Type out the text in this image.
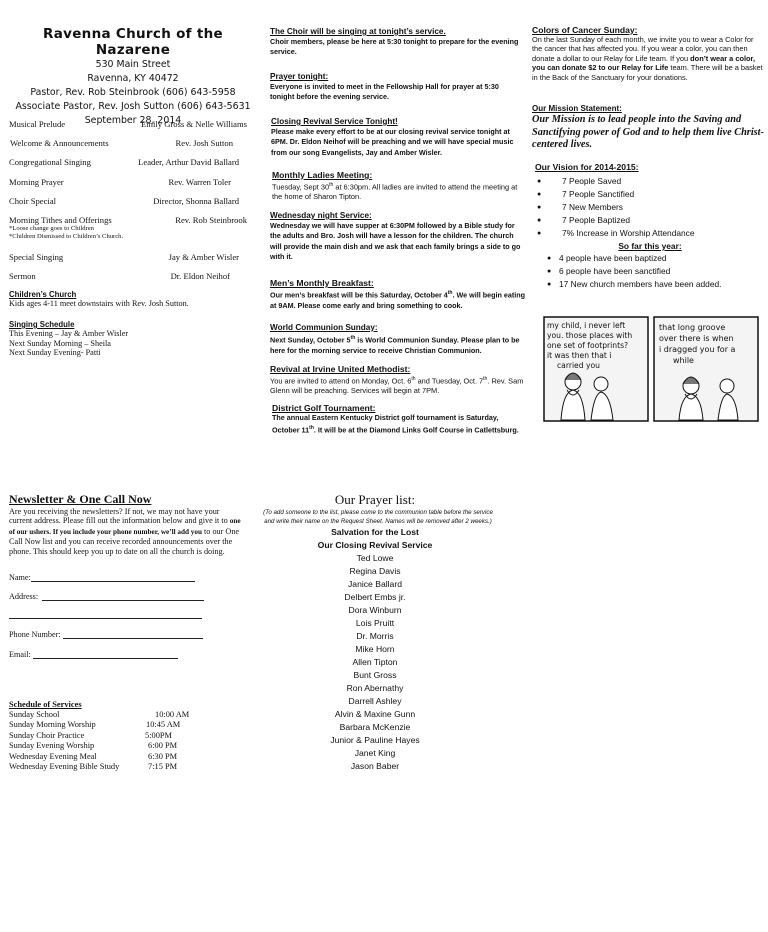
Ravenna Church of the Nazarene
530 Main Street
Ravenna, KY 40472
Pastor, Rev. Rob Steinbrook (606) 643-5958
Associate Pastor, Rev. Josh Sutton (606) 643-5631
September 28, 2014
Musical Prelude	Emily Gross & Nelle Williams
Welcome & Announcements	Rev. Josh Sutton
Congregational Singing	Leader, Arthur David Ballard
Morning Prayer	Rev. Warren Toler
Choir Special	Director, Shonna Ballard
Morning Tithes and Offerings	Rev. Rob Steinbrook
*Loose change goes to Children
*Children Dismissed to Children’s Church.
Special Singing	Jay & Amber Wisler
Sermon	Dr. Eldon Neihof
Children’s Church
Kids ages 4-11 meet downstairs with Rev. Josh Sutton.
Singing Schedule
This Evening – Jay & Amber Wisler
Next Sunday Morning – Sheila
Next Sunday Evening- Patti
The Choir will be singing at tonight’s service.
Choir members, please be here at 5:30 tonight to prepare for the evening service.
Prayer tonight:
Everyone is invited to meet in the Fellowship Hall for prayer at 5:30 tonight before the evening service.
Closing Revival Service Tonight!
Please make every effort to be at our closing revival service tonight at 6PM. Dr. Eldon Neihof will be preaching and we will have special music from our song Evangelists, Jay and Amber Wisler.
Monthly Ladies Meeting:
Tuesday, Sept 30th at 6:30pm. All ladies are invited to attend the meeting at the home of Sharon Tipton.
Wednesday night Service:
Wednesday we will have supper at 6:30PM followed by a Bible study for the adults and Bro. Josh will have a lesson for the children. The church will provide the main dish and we ask that each family brings a side to go with it.
Men’s Monthly Breakfast:
Our men’s breakfast will be this Saturday, October 4th. We will begin eating at 9AM. Please come early and bring something to cook.
World Communion Sunday:
Next Sunday, October 5th is World Communion Sunday. Please plan to be here for the morning service to receive Christian Communion.
Revival at Irvine United Methodist:
You are invited to attend on Monday, Oct. 6th and Tuesday, Oct. 7th. Rev. Sam Glenn will be preaching. Services will begin at 7PM.
District Golf Tournament:
The annual Eastern Kentucky District golf tournament is Saturday, October 11th. It will be at the Diamond Links Golf Course in Catlettsburg.
Colors of Cancer Sunday:
On the last Sunday of each month, we invite you to wear a Color for the cancer that has affected you. If you wear a color, you can then donate a dollar to our Relay for Life team. If you don’t wear a color, you can donate $2 to our Relay for Life team. There will be a basket in the Back of the Sanctuary for your donations.
Our Mission Statement:
Our Mission is to lead people into the Saving and Sanctifying power of God and to help them live Christ-centered lives.
Our Vision for 2014-2015:
● 7 People Saved
● 7 People Sanctified
● 7 New Members
● 7 People Baptized
● 7% Increase in Worship Attendance
So far this year:
● 4 people have been baptized
● 6 people have been sanctified
● 17 New church members have been added.
my child, i never left
you. those places with
one set of footprints?
it was then that i
carried you
that long groove
over there is when
i dragged you for a
while
Newsletter & One Call Now
Are you receiving the newsletters? If not, we may not have your current address. Please fill out the information below and give it to one of our ushers. If you include your phone number, we’ll add you to our One Call Now list and you can receive recorded announcements over the phone. This should keep you up to date on all the church is doing.
Name:
Address:
Phone Number:
Email:
Schedule of Services
Sunday School	10:00 AM
Sunday Morning Worship	10:45 AM
Sunday Choir Practice	5:00PM
Sunday Evening Worship	6:00 PM
Wednesday Evening Meal	6:30 PM
Wednesday Evening Bible Study	7:15 PM
Our Prayer list:
(To add someone to the list, please come to the communion table before the service and write their name on the Request Sheet. Names will be removed after 2 weeks.)
Salvation for the Lost
Our Closing Revival Service
Ted Lowe
Regina Davis
Janice Ballard
Delbert Embs jr.
Dora Winburn
Lois Pruitt
Dr. Morris
Mike Horn
Allen Tipton
Bunt Gross
Ron Abernathy
Darrell Ashley
Alvin & Maxine Gunn
Barbara McKenzie
Junior & Pauline Hayes
Janet King
Jason Baber
